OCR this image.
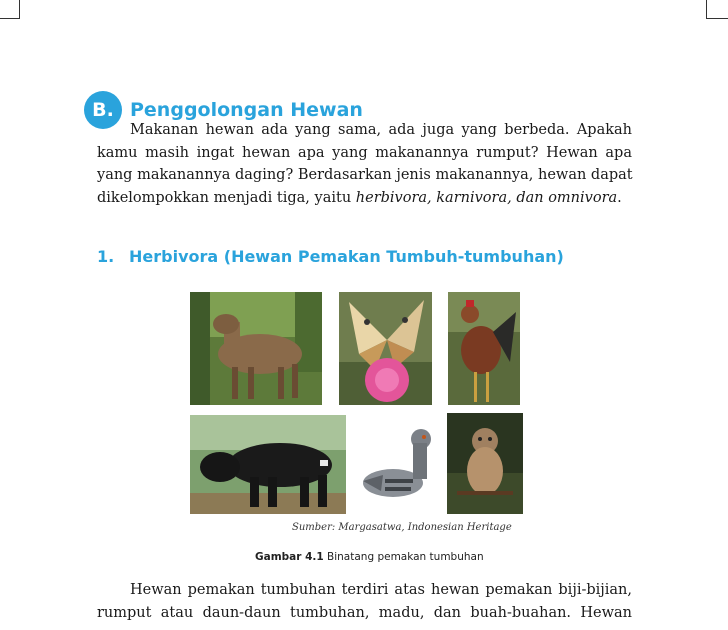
B. Penggolongan Hewan
Makanan hewan ada yang sama, ada juga yang berbeda. Apakah
kamu masih ingat hewan apa yang makanannya rumput? Hewan apa
yang makanannya daging? Berdasarkan jenis makanannya, hewan dapat
dikelompokkan menjadi tiga, yaitu herbivora, karnivora, dan omnivora.
1. Herbivora (Hewan Pemakan Tumbuh-tumbuhan)
Sumber: Margasatwa, Indonesian Heritage
Gambar 4.1 Binatang pemakan tumbuhan
Hewan pemakan tumbuhan terdiri atas hewan pemakan biji-bijian,
rumput atau daun-daun tumbuhan, madu, dan buah-buahan. Hewan
